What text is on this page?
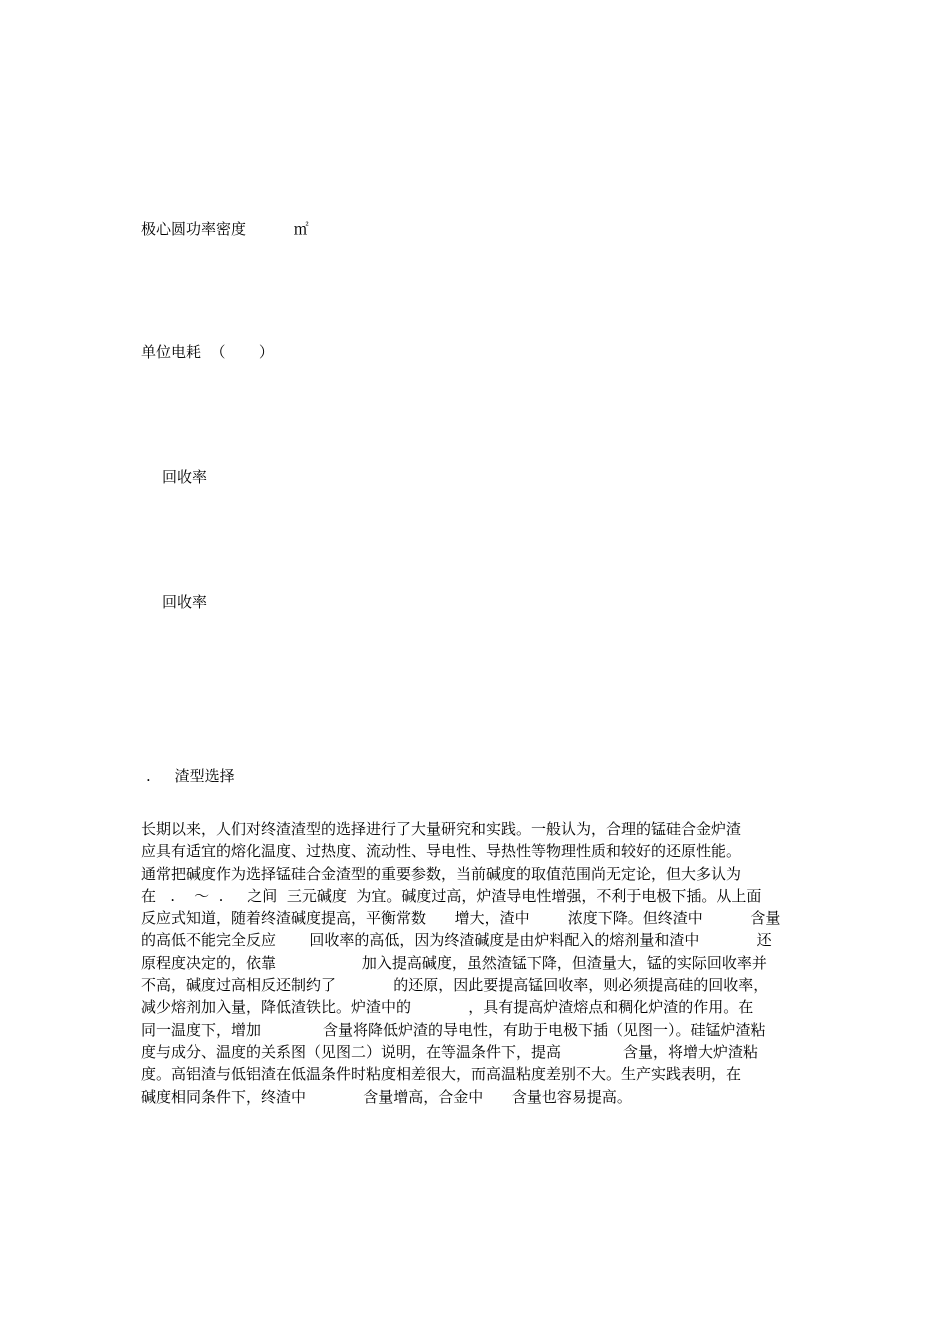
极心圆功率密度          ㎡
单位电耗  （       ）
回收率
回收率
.     渣型选择
长期以来，人们对终渣渣型的选择进行了大量研究和实践。一般认为，合理的锰硅合金炉渣
应具有适宜的熔化温度、过热度、流动性、导电性、导热性等物理性质和较好的还原性能。
通常把碱度作为选择锰硅合金渣型的重要参数，当前碱度的取值范围尚无定论，但大多认为
在   .    ～  .     之间  三元碱度  为宜。碱度过高，炉渣导电性增强，不利于电极下插。从上面
反应式知道，随着终渣碱度提高，平衡常数      增大，渣中        浓度下降。但终渣中          含量
的高低不能完全反应       回收率的高低，因为终渣碱度是由炉料配入的熔剂量和渣中            还
原程度决定的，依靠                  加入提高碱度，虽然渣锰下降，但渣量大，锰的实际回收率并
不高，碱度过高相反还制约了            的还原，因此要提高锰回收率，则必须提高硅的回收率，
减少熔剂加入量，降低渣铁比。炉渣中的            ，具有提高炉渣熔点和稠化炉渣的作用。在
同一温度下，增加             含量将降低炉渣的导电性，有助于电极下插（见图一）。硅锰炉渣粘
度与成分、温度的关系图（见图二）说明，在等温条件下，提高             含量，将增大炉渣粘
度。高铝渣与低铝渣在低温条件时粘度相差很大，而高温粘度差别不大。生产实践表明，在
碱度相同条件下，终渣中            含量增高，合金中      含量也容易提高。
